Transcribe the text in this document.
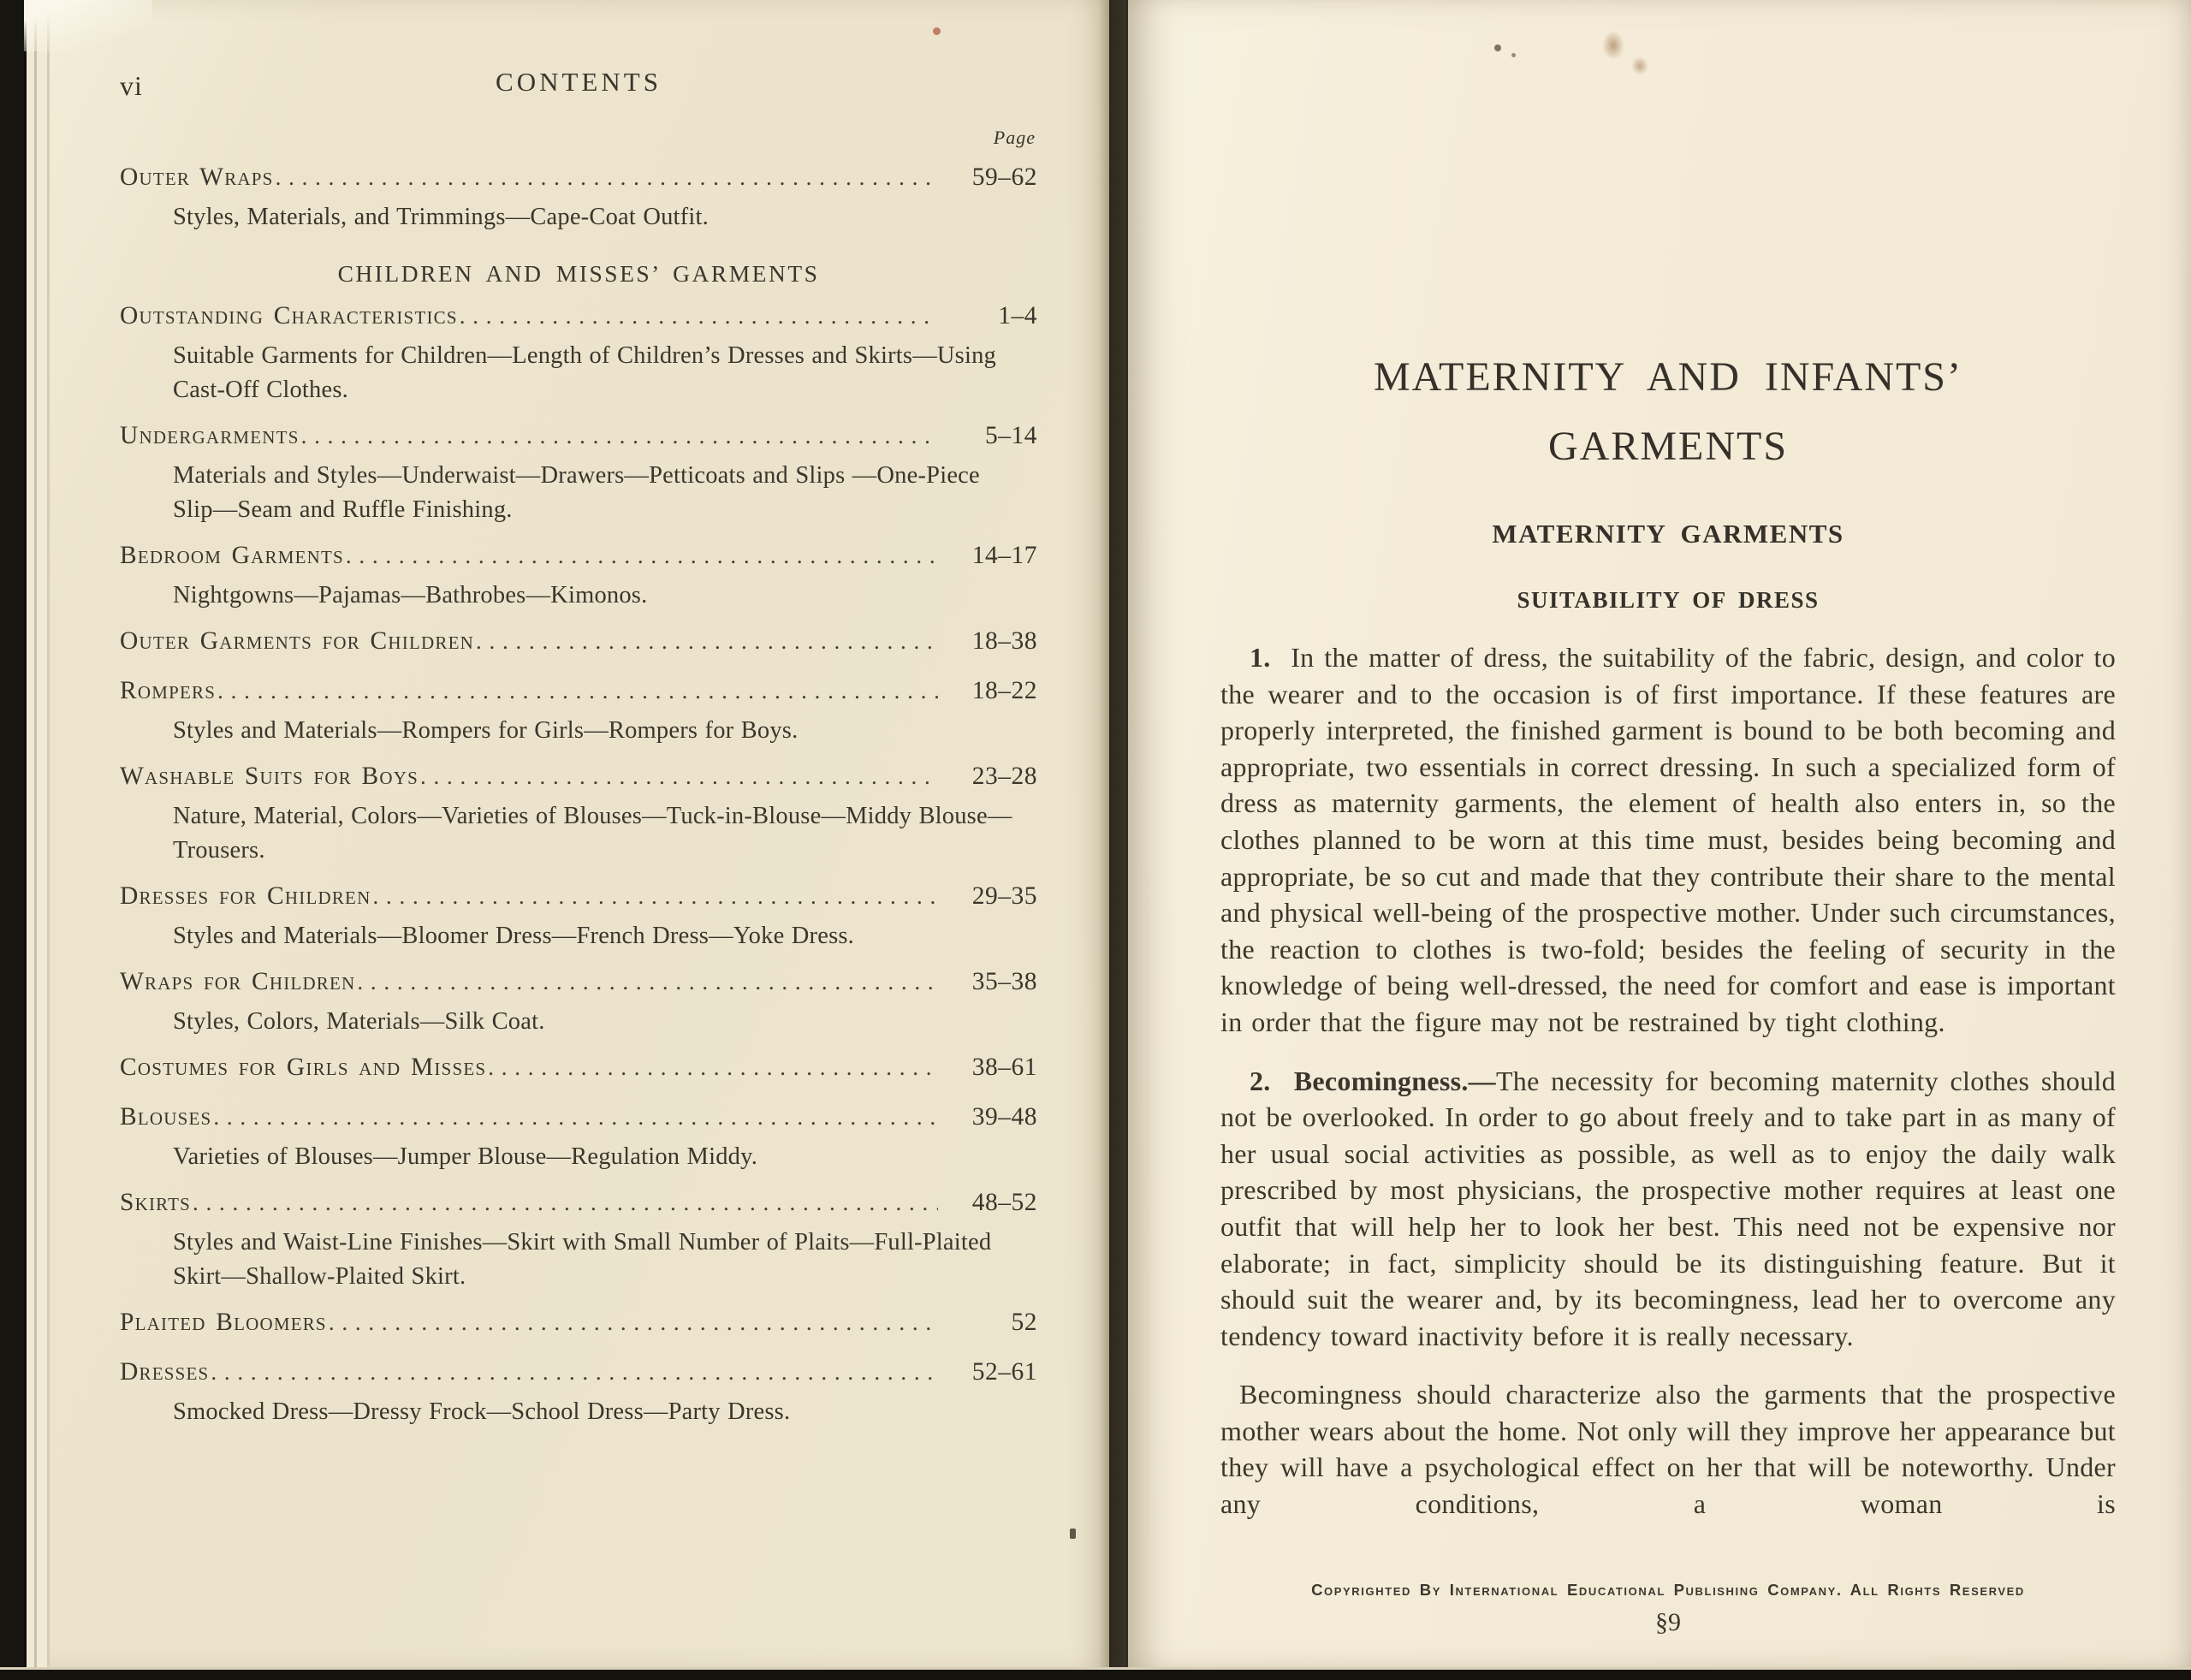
vi	CONTENTS
Page
Outer Wraps . . .	59–62
Styles, Materials, and Trimmings—Cape-Coat Outfit.
CHILDREN AND MISSES’ GARMENTS
Outstanding Characteristics . . .	1–4
Suitable Garments for Children—Length of Children’s Dresses and Skirts—Using Cast-Off Clothes.
Undergarments . . .	5–14
Materials and Styles—Underwaist—Drawers—Petticoats and Slips —One-Piece Slip—Seam and Ruffle Finishing.
Bedroom Garments . . .	14–17
Nightgowns—Pajamas—Bathrobes—Kimonos.
Outer Garments for Children . . .	18–38
Rompers . . .	18–22
Styles and Materials—Rompers for Girls—Rompers for Boys.
Washable Suits for Boys . . .	23–28
Nature, Material, Colors—Varieties of Blouses—Tuck-in-Blouse—Middy Blouse—Trousers.
Dresses for Children . . .	29–35
Styles and Materials—Bloomer Dress—French Dress—Yoke Dress.
Wraps for Children . . .	35–38
Styles, Colors, Materials—Silk Coat.
Costumes for Girls and Misses . . .	38–61
Blouses . . .	39–48
Varieties of Blouses—Jumper Blouse—Regulation Middy.
Skirts . . .	48–52
Styles and Waist-Line Finishes—Skirt with Small Number of Plaits—Full-Plaited Skirt—Shallow-Plaited Skirt.
Plaited Bloomers . . .	52
Dresses . . .	52–61
Smocked Dress—Dressy Frock—School Dress—Party Dress.
MATERNITY AND INFANTS’
GARMENTS
MATERNITY GARMENTS
SUITABILITY OF DRESS

1. In the matter of dress, the suitability of the fabric, design, and color to the wearer and to the occasion is of first importance. If these features are properly interpreted, the finished garment is bound to be both becoming and appropriate, two essentials in correct dressing. In such a specialized form of dress as maternity garments, the element of health also enters in, so the clothes planned to be worn at this time must, besides being becoming and appropriate, be so cut and made that they contribute their share to the mental and physical well-being of the prospective mother. Under such circumstances, the reaction to clothes is two-fold; besides the feeling of security in the knowledge of being well-dressed, the need for comfort and ease is important in order that the figure may not be restrained by tight clothing.

2. Becomingness.—The necessity for becoming maternity clothes should not be overlooked. In order to go about freely and to take part in as many of her usual social activities as possible, as well as to enjoy the daily walk prescribed by most physicians, the prospective mother requires at least one outfit that will help her to look her best. This need not be expensive nor elaborate; in fact, simplicity should be its distinguishing feature. But it should suit the wearer and, by its becomingness, lead her to overcome any tendency toward inactivity before it is really necessary.

Becomingness should characterize also the garments that the prospective mother wears about the home. Not only will they improve her appearance but they will have a psychological effect on her that will be noteworthy. Under any conditions, a woman is

Copyrighted By International Educational Publishing Company. All Rights Reserved
§9
